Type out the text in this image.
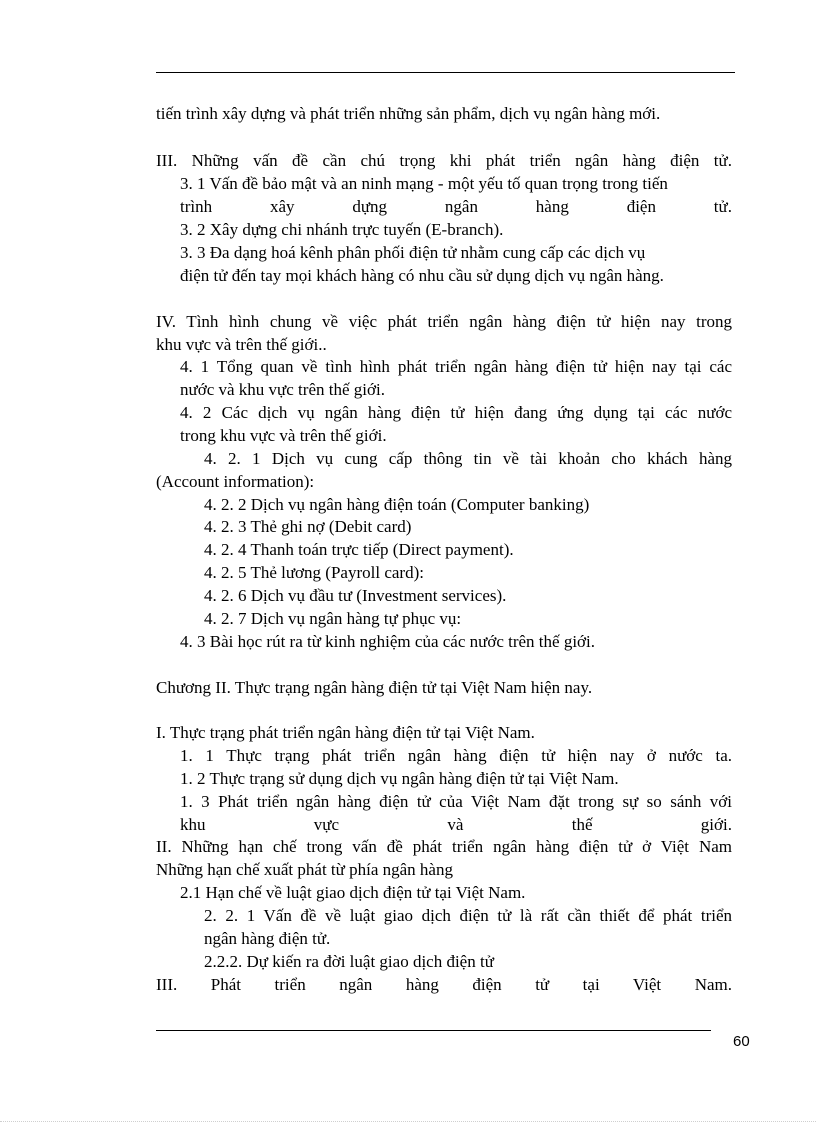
tiến trình xây dựng và phát triển những sản phẩm, dịch vụ ngân hàng mới.
III. Những vấn đề cần chú trọng khi phát triển ngân hàng điện tử.
3. 1 Vấn đề bảo mật và an ninh mạng - một yếu tố quan trọng trong tiến
trình xây dựng ngân hàng điện tử.
3. 2 Xây dựng chi nhánh trực tuyến (E-branch).
3. 3 Đa dạng hoá kênh phân phối điện tử nhằm cung cấp các dịch vụ
điện tử đến tay mọi khách hàng có nhu cầu sử dụng dịch vụ ngân hàng.
IV. Tình hình chung về việc phát triển ngân hàng điện tử hiện nay trong
khu vực và trên thế giới..
4. 1 Tổng quan về tình hình phát triển ngân hàng điện tử hiện nay tại các
nước và khu vực trên thế giới.
4. 2 Các dịch vụ ngân hàng điện tử hiện đang ứng dụng tại các nước
trong khu vực và trên thế giới.
4. 2. 1 Dịch vụ cung cấp thông tin về tài khoản cho khách hàng
(Account information):
4. 2. 2 Dịch vụ ngân hàng điện toán (Computer banking)
4. 2. 3 Thẻ ghi nợ (Debit card)
4. 2. 4 Thanh toán trực tiếp (Direct payment).
4. 2. 5 Thẻ lương (Payroll card):
4. 2. 6 Dịch vụ đầu tư (Investment services).
4. 2. 7 Dịch vụ ngân hàng tự phục vụ:
4. 3 Bài học rút ra từ kinh nghiệm của các nước trên thế giới.
Chương II. Thực trạng ngân hàng điện tử tại Việt Nam hiện nay.
I. Thực trạng phát triển ngân hàng điện tử tại Việt Nam.
1. 1 Thực trạng phát triển ngân hàng điện tử hiện nay ở nước ta.
1. 2 Thực trạng sử dụng dịch vụ ngân hàng điện tử tại Việt Nam.
1. 3 Phát triển ngân hàng điện tử của Việt Nam đặt trong sự so sánh với
khu vực và thế giới.
II. Những hạn chế trong vấn đề phát triển ngân hàng điện tử ở Việt Nam
Những hạn chế xuất phát từ phía ngân hàng
2.1 Hạn chế về luật giao dịch điện tử tại Việt Nam.
2. 2. 1 Vấn đề về luật giao dịch điện tử là rất cần thiết để phát triển
ngân hàng điện tử.
2.2.2. Dự kiến ra đời luật giao dịch điện tử
III. Phát triển ngân hàng điện tử tại Việt Nam.
60
